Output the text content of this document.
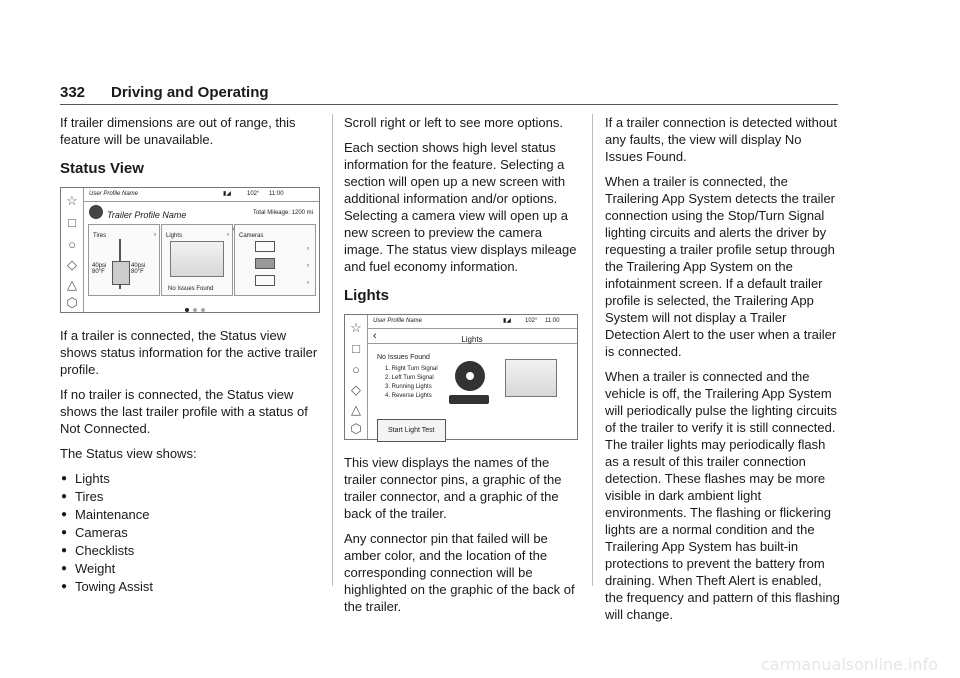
332 Driving and Operating

If trailer dimensions are out of range, this feature will be unavailable.

Status View
☆
□
○
◇
△
⬡
User Profile Name	▮◢	102° 11:00
Trailer Profile Name	Total Mileage: 1200 mi
Tires	›
40psi 80°F
40psi 80°F
Lights	›
No Issues Found
Cameras
›
›
›

If a trailer is connected, the Status view shows status information for the active trailer profile.

If no trailer is connected, the Status view shows the last trailer profile with a status of Not Connected.

The Status view shows:

● Lights
● Tires
● Maintenance
● Cameras
● Checklists
● Weight
● Towing Assist

Scroll right or left to see more options.

Each section shows high level status information for the feature. Selecting a section will open up a new screen with additional information and/or options. Selecting a camera view will open up a new screen to preview the camera image. The status view displays mileage and fuel economy information.

Lights
☆
□
○
◇
△
⬡
User Profile Name	▮◢ 102° 11:00
‹	Lights
No Issues Found
1. Right Turn Signal
2. Left Turn Signal
3. Running Lights
4. Reverse Lights
Start Light Test

This view displays the names of the trailer connector pins, a graphic of the trailer connector, and a graphic of the back of the trailer.

Any connector pin that failed will be amber color, and the location of the corresponding connection will be highlighted on the graphic of the back of the trailer.

If a trailer connection is detected without any faults, the view will display No Issues Found.

When a trailer is connected, the Trailering App System detects the trailer connection using the Stop/Turn Signal lighting circuits and alerts the driver by requesting a trailer profile setup through the Trailering App System on the infotainment screen. If a default trailer profile is selected, the Trailering App System will not display a Trailer Detection Alert to the user when a trailer is connected.

When a trailer is connected and the vehicle is off, the Trailering App System will periodically pulse the lighting circuits of the trailer to verify it is still connected. The trailer lights may periodically flash as a result of this trailer connection detection. These flashes may be more visible in dark ambient light environments. The flashing or flickering lights are a normal condition and the Trailering App System has built-in protections to prevent the battery from draining. When Theft Alert is enabled, the frequency and pattern of this flashing will change.

carmanualsonline.info
